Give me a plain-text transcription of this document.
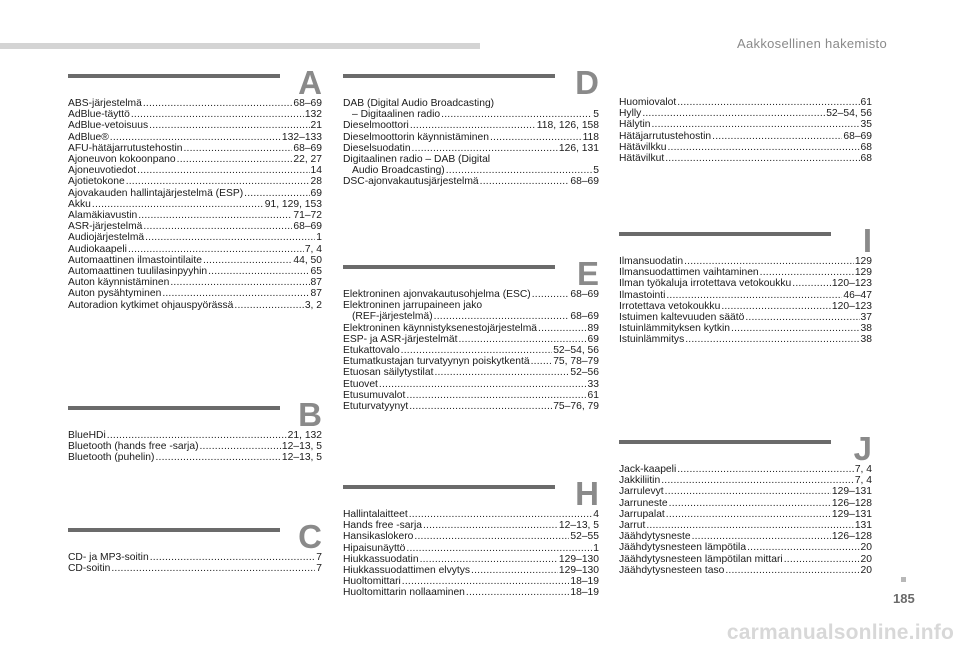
Aakkosellinen hakemisto
A
ABS-järjestelmä .....	68–69
AdBlue-täyttö .....	132
AdBlue-vetoisuus .....	21
AdBlue® .....	132–133
AFU-hätäjarrutustehostin .....	68–69
Ajoneuvon kokoonpano .....	22, 27
Ajoneuvotiedot .....	14
Ajotietokone .....	28
Ajovakauden hallintajärjestelmä (ESP) .....	69
Akku .....	91, 129, 153
Alamäkiavustin .....	71–72
ASR-järjestelmä .....	68–69
Audiojärjestelmä .....	1
Audiokaapeli .....	7, 4
Automaattinen ilmastointilaite .....	44, 50
Automaattinen tuulilasinpyyhin .....	65
Auton käynnistäminen .....	87
Auton pysähtyminen .....	87
Autoradion kytkimet ohjauspyörässä .....	3, 2
B
BlueHDi .....	21, 132
Bluetooth (hands free -sarja) .....	12–13, 5
Bluetooth (puhelin) .....	12–13, 5
C
CD- ja MP3-soitin .....	7
CD-soitin .....	7
D
DAB (Digital Audio Broadcasting)
– Digitaalinen radio .....	5
Dieselmoottori .....	118, 126, 158
Dieselmoottorin käynnistäminen .....	118
Dieselsuodatin .....	126, 131
Digitaalinen radio – DAB (Digital
Audio Broadcasting) .....	5
DSC-ajonvakautusjärjestelmä .....	68–69
E
Elektroninen ajonvakautusohjelma (ESC) .....	68–69
Elektroninen jarrupaineen jako
(REF-järjestelmä) .....	68–69
Elektroninen käynnistyksenestojärjestelmä .....	89
ESP- ja ASR-järjestelmät .....	69
Etukattovalo .....	52–54, 56
Etumatkustajan turvatyynyn poiskytkentä ..... 75, 78–79
Etuosan säilytystilat .....	52–56
Etuovet .....	33
Etusumuvalot .....	61
Etuturvatyynyt .....	75–76, 79
H
Hallintalaitteet .....	4
Hands free -sarja .....	12–13, 5
Hansikaslokero .....	52–55
Hipaisunäyttö .....	1
Hiukkassuodatin .....	129–130
Hiukkassuodattimen elvytys .....	129–130
Huoltomittari .....	18–19
Huoltomittarin nollaaminen .....	18–19
Huomiovalot .....	61
Hylly .....	52–54, 56
Hälytin .....	35
Hätäjarrutustehostin .....	68–69
Hätävilkku .....	68
Hätävilkut .....	68
I
Ilmansuodatin .....	129
Ilmansuodattimen vaihtaminen .....	129
Ilman työkaluja irrotettava vetokoukku .....	120–123
Ilmastointi .....	46–47
Irrotettava vetokoukku .....	120–123
Istuimen kaltevuuden säätö .....	37
Istuinlämmityksen kytkin .....	38
Istuinlämmitys .....	38
J
Jack-kaapeli .....	7, 4
Jakkiliitin .....	7, 4
Jarrulevyt .....	129–131
Jarruneste .....	126–128
Jarrupalat .....	129–131
Jarrut .....	131
Jäähdytysneste .....	126–128
Jäähdytysnesteen lämpötila .....	20
Jäähdytysnesteen lämpötilan mittari .....	20
Jäähdytysnesteen taso .....	20
185
carmanualsonline.info
